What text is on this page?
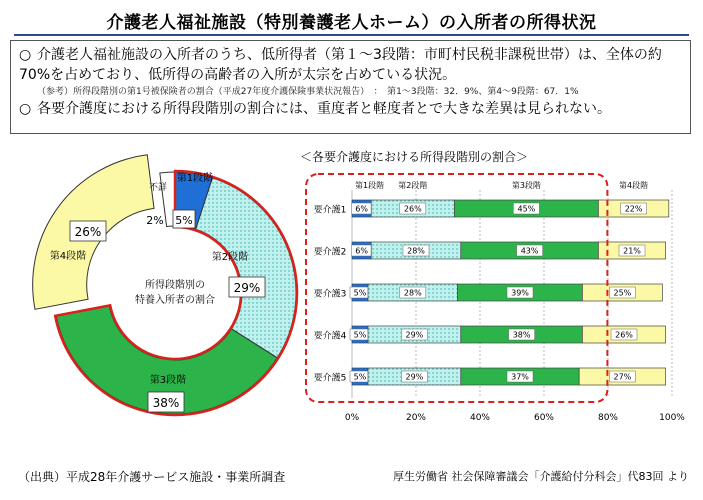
介護老人福祉施設（特別養護老人ホーム）の入所者の所得状況

○ 介護老人福祉施設の入所者のうち、低所得者（第１～3段階：市町村民税非課税世帯）は、全体の約70%を占めており、低所得の高齢者の入所が太宗を占めている状況。

（参考）所得段階別の第1号被保険者の割合（平成27年度介護保険事業状況報告）　：　第1～3段階：32．9%、第4～9段階：67．1%

○ 各要介護度における所得段階別の割合には、重度者と軽度者とで大きな差異は見られない。

所得段階別の
特養入所者の割合
第1段階
5%
第2段階
29%
第3段階
38%
26%
第4段階
不詳
2%
＜各要介護度における所得段階別の割合＞
0%	20%	40%	60%	80%	100%
第1段階 第2段階	第3段階	第4段階
要介護1 6%	26%	45%	22%
要介護2 6%	28%	43%	21%
要介護3 5%	28%	39%	25%
要介護4 5%	29%	38%	26%
要介護5 5%	29%	37%	27%
（出典）平成28年介護サービス施設・事業所調査	厚生労働省 社会保障審議会「介護給付分科会」代83回 より
